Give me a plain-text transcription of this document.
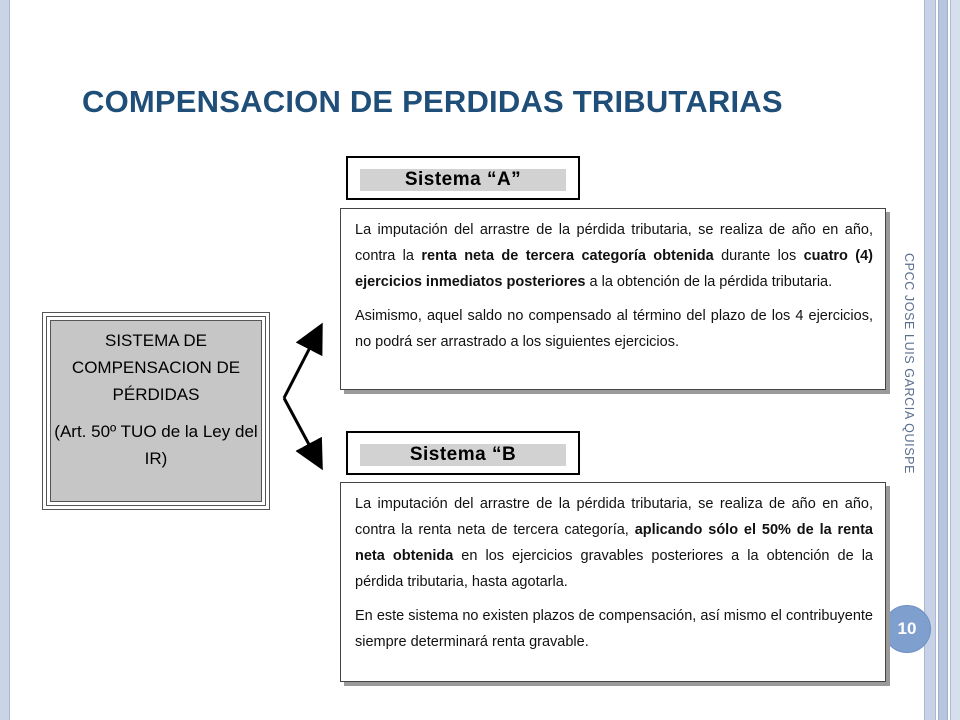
COMPENSACION DE PERDIDAS TRIBUTARIAS
CPCC JOSE LUIS GARCIA QUISPE
10
SISTEMA DE COMPENSACION DE PÉRDIDAS
(Art. 50º TUO de la Ley del IR)
Sistema “A”

La imputación del arrastre de la pérdida tributaria, se realiza de año en año, contra la renta neta de tercera categoría obtenida durante los cuatro (4) ejercicios inmediatos posteriores a la obtención de la pérdida tributaria.

Asimismo, aquel saldo no compensado al término del plazo de los 4 ejercicios, no podrá ser arrastrado a los siguientes ejercicios.

Sistema “B

La imputación del arrastre de la pérdida tributaria, se realiza de año en año, contra la renta neta de tercera categoría, aplicando sólo el 50% de la renta neta obtenida en los ejercicios gravables posteriores a la obtención de la pérdida tributaria, hasta agotarla.

En este sistema no existen plazos de compensación, así mismo el contribuyente siempre determinará renta gravable.
